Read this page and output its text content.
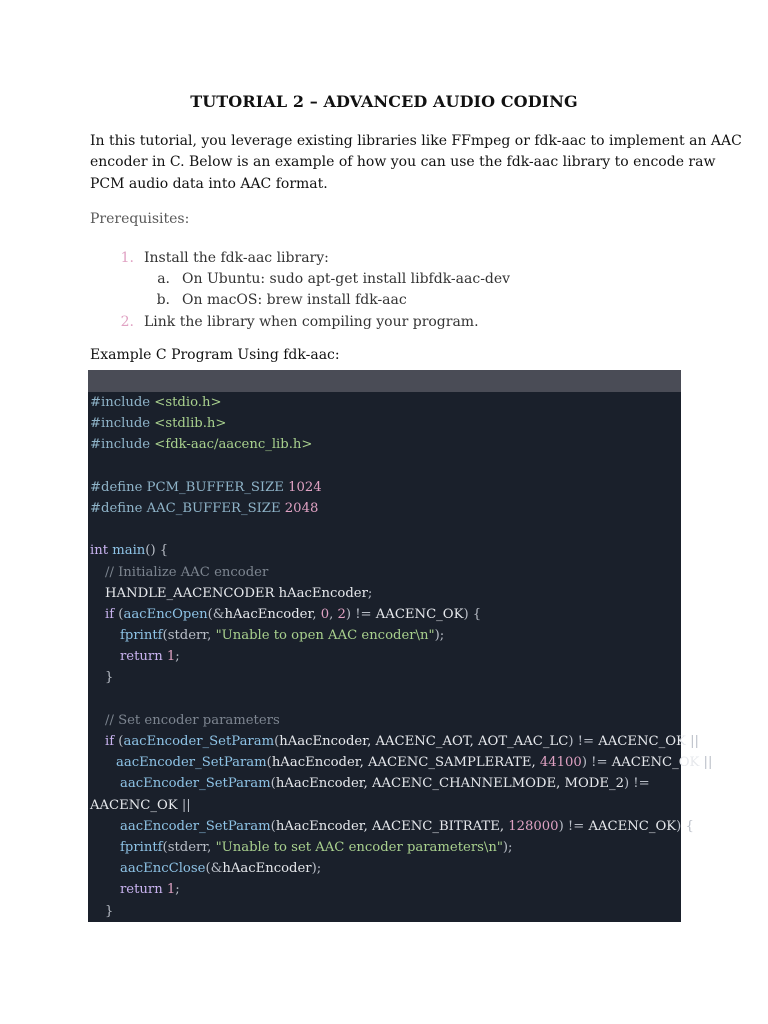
TUTORIAL 2 – ADVANCED AUDIO CODING
In this tutorial, you leverage existing libraries like FFmpeg or fdk-aac to implement an AAC
encoder in C. Below is an example of how you can use the fdk-aac library to encode raw
PCM audio data into AAC format.
Prerequisites:
1. Install the fdk-aac library:
a. On Ubuntu: sudo apt-get install libfdk-aac-dev
b. On macOS: brew install fdk-aac
2. Link the library when compiling your program.
Example C Program Using fdk-aac:
#include <stdio.h>
#include <stdlib.h>
#include <fdk-aac/aacenc_lib.h>

#define PCM_BUFFER_SIZE 1024
#define AAC_BUFFER_SIZE 2048

int main() {
// Initialize AAC encoder
HANDLE_AACENCODER hAacEncoder;
if (aacEncOpen(&hAacEncoder, 0, 2) != AACENC_OK) {
fprintf(stderr, "Unable to open AAC encoder\n");
return 1;
}

// Set encoder parameters
if (aacEncoder_SetParam(hAacEncoder, AACENC_AOT, AOT_AAC_LC) != AACENC_OK ||
aacEncoder_SetParam(hAacEncoder, AACENC_SAMPLERATE, 44100) != AACENC_OK ||
aacEncoder_SetParam(hAacEncoder, AACENC_CHANNELMODE, MODE_2) !=
AACENC_OK ||
aacEncoder_SetParam(hAacEncoder, AACENC_BITRATE, 128000) != AACENC_OK) {
fprintf(stderr, "Unable to set AAC encoder parameters\n");
aacEncClose(&hAacEncoder);
return 1;
}
